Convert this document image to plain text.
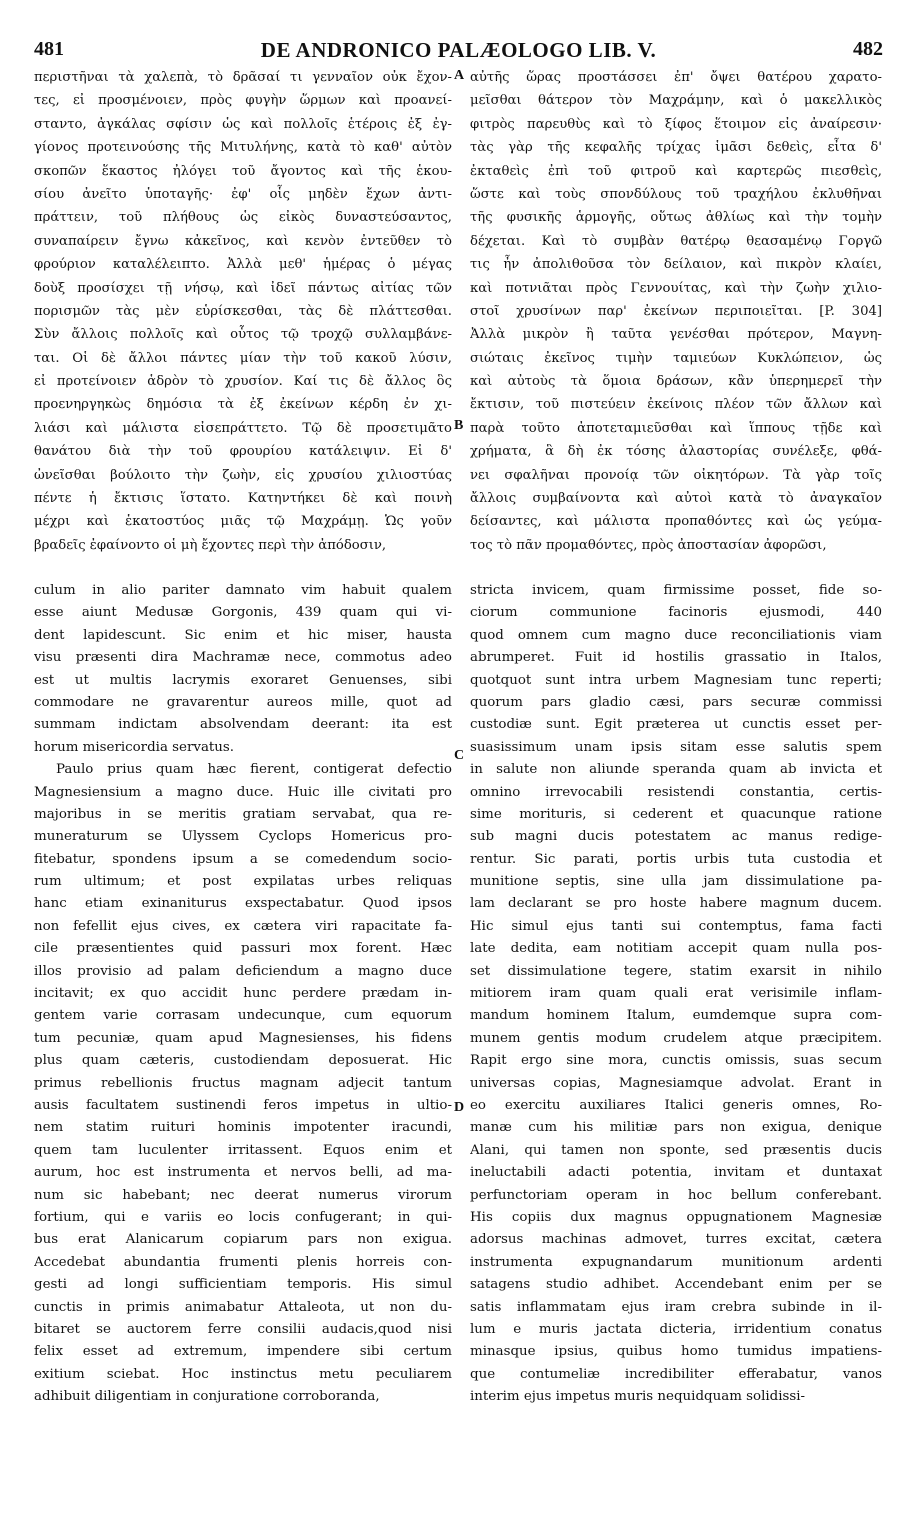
481	DE ANDRONICO PALÆOLOGO LIB. V.	482
περιστῆναι τὰ χαλεπὰ, τὸ δρᾶσαί τι γενναῖον οὐκ ἔχον-
τες, εἰ προσμένοιεν, πρὸς φυγὴν ὥρμων καὶ προανεί-
σταντο, ἀγκάλας σφίσιν ὡς καὶ πολλοῖς ἑτέροις ἐξ ἐγ-
γίονος προτεινούσης τῆς Μιτυλήνης, κατὰ τὸ καθ' αὐτὸν
σκοπῶν ἕκαστος ἠλόγει τοῦ ἄγοντος καὶ τῆς ἑκου-
σίου ἀνεῖτο ὑποταγῆς· ἐφ' οἷς μηδὲν ἔχων ἀντι-
πράττειν, τοῦ πλήθους ὡς εἰκὸς δυναστεύσαντος,
συναπαίρειν ἔγνω κἀκεῖνος, καὶ κενὸν ἐντεῦθεν τὸ
φρούριον καταλέλειπτο. Ἀλλὰ μεθ' ἡμέρας ὁ μέγας
δοὺξ προσίσχει τῇ νήσῳ, καὶ ἰδεῖ πάντως αἰτίας τῶν
πορισμῶν τὰς μὲν εὑρίσκεσθαι, τὰς δὲ πλάττεσθαι.
Σὺν ἄλλοις πολλοῖς καὶ οὗτος τῷ τροχῷ συλλαμβάνε-
ται. Οἱ δὲ ἄλλοι πάντες μίαν τὴν τοῦ κακοῦ λύσιν,
εἰ προτείνοιεν ἁδρὸν τὸ χρυσίον. Καί τις δὲ ἄλλος ὃς
προενηργηκὼς δημόσια τὰ ἐξ ἐκείνων κέρδη ἐν χι-
λιάσι καὶ μάλιστα εἰσεπράττετο. Τῷ δὲ προσετιμᾶτο
θανάτου διὰ τὴν τοῦ φρουρίου κατάλειψιν. Εἰ δ'
ὠνεῖσθαι βούλοιτο τὴν ζωὴν, εἰς χρυσίου χιλιοστύας
πέντε ἡ ἔκτισις ἵστατο. Κατηντήκει δὲ καὶ ποινὴ
μέχρι καὶ ἑκατοστύος μιᾶς τῷ Μαχράμῃ. Ὡς γοῦν
βραδεῖς ἐφαίνοντο οἱ μὴ ἔχοντες περὶ τὴν ἀπόδοσιν,
αὐτῆς ὥρας προστάσσει ἐπ' ὄψει θατέρου χαρατο-
μεῖσθαι θάτερον τὸν Μαχράμην, καὶ ὁ μακελλικὸς
φιτρὸς παρευθὺς καὶ τὸ ξίφος ἕτοιμον εἰς ἀναίρεσιν·
τὰς γὰρ τῆς κεφαλῆς τρίχας ἱμᾶσι δεθεὶς, εἶτα δ'
ἐκταθεὶς ἐπὶ τοῦ φιτροῦ καὶ καρτερῶς πιεσθεὶς,
ὥστε καὶ τοὺς σπονδύλους τοῦ τραχήλου ἐκλυθῆναι
τῆς φυσικῆς ἁρμογῆς, οὕτως ἀθλίως καὶ τὴν τομὴν
δέχεται. Καὶ τὸ συμβὰν θατέρῳ θεασαμένῳ Γοργῶ
τις ἦν ἀπολιθοῦσα τὸν δείλαιον, καὶ πικρὸν κλαίει,
καὶ ποτνιᾶται πρὸς Γεννουίτας, καὶ τὴν ζωὴν χιλιο-
στοῖ χρυσίνων παρ' ἐκείνων περιποιεῖται. [P. 304]
Ἀλλὰ μικρὸν ἢ ταῦτα γενέσθαι πρότερον, Μαγνη-
σιώταις ἐκεῖνος τιμὴν ταμιεύων Κυκλώπειον, ὡς
καὶ αὐτοὺς τὰ ὅμοια δράσων, κἂν ὑπερημερεῖ τὴν
ἔκτισιν, τοῦ πιστεύειν ἐκείνοις πλέον τῶν ἄλλων καὶ
παρὰ τοῦτο ἀποτεταμιεῦσθαι καὶ ἵππους τῇδε καὶ
χρήματα, ἃ δὴ ἐκ τόσης ἀλαστορίας συνέλεξε, φθά-
νει σφαλῆναι προνοίᾳ τῶν οἰκητόρων. Τὰ γὰρ τοῖς
ἄλλοις συμβαίνοντα καὶ αὐτοὶ κατὰ τὸ ἀναγκαῖον
δείσαντες, καὶ μάλιστα προπαθόντες καὶ ὡς γεύμα-
τος τὸ πᾶν προμαθόντες, πρὸς ἀποστασίαν ἀφορῶσι,
A
B
C
D
culum in alio pariter damnato vim habuit qualem
esse aiunt Medusæ Gorgonis, 439 quam qui vi-
dent lapidescunt. Sic enim et hic miser, hausta
visu præsenti dira Machramæ nece, commotus adeo
est ut multis lacrymis exoraret Genuenses, sibi
commodare ne gravarentur aureos mille, quot ad
summam indictam absolvendam deerant: ita est
horum misericordia servatus.
Paulo prius quam hæc fierent, contigerat defectio
Magnesiensium a magno duce. Huic ille civitati pro
majoribus in se meritis gratiam servabat, qua re-
muneraturum se Ulyssem Cyclops Homericus pro-
fitebatur, spondens ipsum a se comedendum socio-
rum ultimum; et post expilatas urbes reliquas
hanc etiam exinaniturus exspectabatur. Quod ipsos
non fefellit ejus cives, ex cætera viri rapacitate fa-
cile præsentientes quid passuri mox forent. Hæc
illos provisio ad palam deficiendum a magno duce
incitavit; ex quo accidit hunc perdere prædam in-
gentem varie corrasam undecunque, cum equorum
tum pecuniæ, quam apud Magnesienses, his fidens
plus quam cæteris, custodiendam deposuerat. Hic
primus rebellionis fructus magnam adjecit tantum
ausis facultatem sustinendi feros impetus in ultio-
nem statim ruituri hominis impotenter iracundi,
quem tam luculenter irritassent. Equos enim et
aurum, hoc est instrumenta et nervos belli, ad ma-
num sic habebant; nec deerat numerus virorum
fortium, qui e variis eo locis confugerant; in qui-
bus erat Alanicarum copiarum pars non exigua.
Accedebat abundantia frumenti plenis horreis con-
gesti ad longi sufficientiam temporis. His simul
cunctis in primis animabatur Attaleota, ut non du-
bitaret se auctorem ferre consilii audacis,quod nisi
felix esset ad extremum, impendere sibi certum
exitium sciebat. Hoc instinctus metu peculiarem
adhibuit diligentiam in conjuratione corroboranda,
stricta invicem, quam firmissime posset, fide so-
ciorum communione facinoris ejusmodi, 440
quod omnem cum magno duce reconciliationis viam
abrumperet. Fuit id hostilis grassatio in Italos,
quotquot sunt intra urbem Magnesiam tunc reperti;
quorum pars gladio cæsi, pars securæ commissi
custodiæ sunt. Egit præterea ut cunctis esset per-
suasissimum unam ipsis sitam esse salutis spem
in salute non aliunde speranda quam ab invicta et
omnino irrevocabili resistendi constantia, certis-
sime morituris, si cederent et quacunque ratione
sub magni ducis potestatem ac manus redige-
rentur. Sic parati, portis urbis tuta custodia et
munitione septis, sine ulla jam dissimulatione pa-
lam declarant se pro hoste habere magnum ducem.
Hic simul ejus tanti sui contemptus, fama facti
late dedita, eam notitiam accepit quam nulla pos-
set dissimulatione tegere, statim exarsit in nihilo
mitiorem iram quam quali erat verisimile inflam-
mandum hominem Italum, eumdemque supra com-
munem gentis modum crudelem atque præcipitem.
Rapit ergo sine mora, cunctis omissis, suas secum
universas copias, Magnesiamque advolat. Erant in
eo exercitu auxiliares Italici generis omnes, Ro-
manæ cum his militiæ pars non exigua, denique
Alani, qui tamen non sponte, sed præsentis ducis
ineluctabili adacti potentia, invitam et duntaxat
perfunctoriam operam in hoc bellum conferebant.
His copiis dux magnus oppugnationem Magnesiæ
adorsus machinas admovet, turres excitat, cætera
instrumenta expugnandarum munitionum ardenti
satagens studio adhibet. Accendebant enim per se
satis inflammatam ejus iram crebra subinde in il-
lum e muris jactata dicteria, irridentium conatus
minasque ipsius, quibus homo tumidus impatiens-
que contumeliæ incredibiliter efferabatur, vanos
interim ejus impetus muris nequidquam solidissi-
